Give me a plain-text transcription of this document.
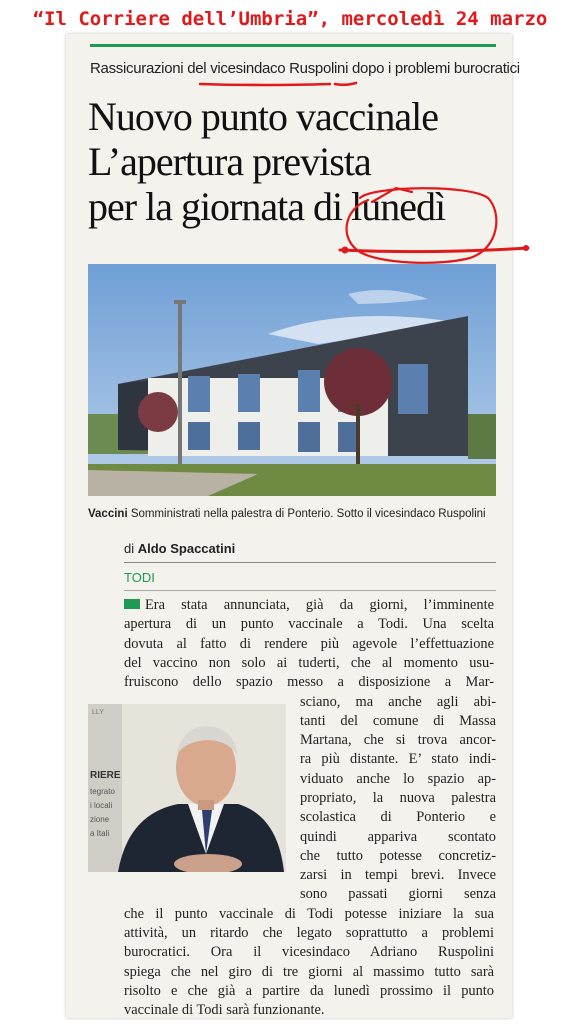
“Il Corriere dell’Umbria”, mercoledì 24 marzo
Rassicurazioni del vicesindaco Ruspolini dopo i problemi burocratici
Nuovo punto vaccinale
L’apertura prevista
per la giornata di lunedì
Vaccini Somministrati nella palestra di Ponterio. Sotto il vicesindaco Ruspolini
di Aldo Spaccatini
TODI
Era stata annunciata, già da giorni, l’imminente
apertura di un punto vaccinale a Todi. Una scelta
dovuta al fatto di rendere più agevole l’effettuazione
del vaccino non solo ai tuderti, che al momento usu-
fruiscono dello spazio messo a disposizione a Mar-
RIERE
tegrato
i locali
zione
a Itali
LLY
sciano, ma anche agli abi-
tanti del comune di Massa
Martana, che si trova ancor-
ra più distante. E’ stato indi-
viduato anche lo spazio ap-
propriato, la nuova palestra
scolastica di Ponterio e
quindi appariva scontato
che tutto potesse concretiz-
zarsi in tempi brevi. Invece
sono passati giorni senza
che il punto vaccinale di Todi potesse iniziare la sua
attività, un ritardo che legato soprattutto a problemi
burocratici. Ora il vicesindaco Adriano Ruspolini
spiega che nel giro di tre giorni al massimo tutto sarà
risolto e che già a partire da lunedì prossimo il punto
vaccinale di Todi sarà funzionante.
